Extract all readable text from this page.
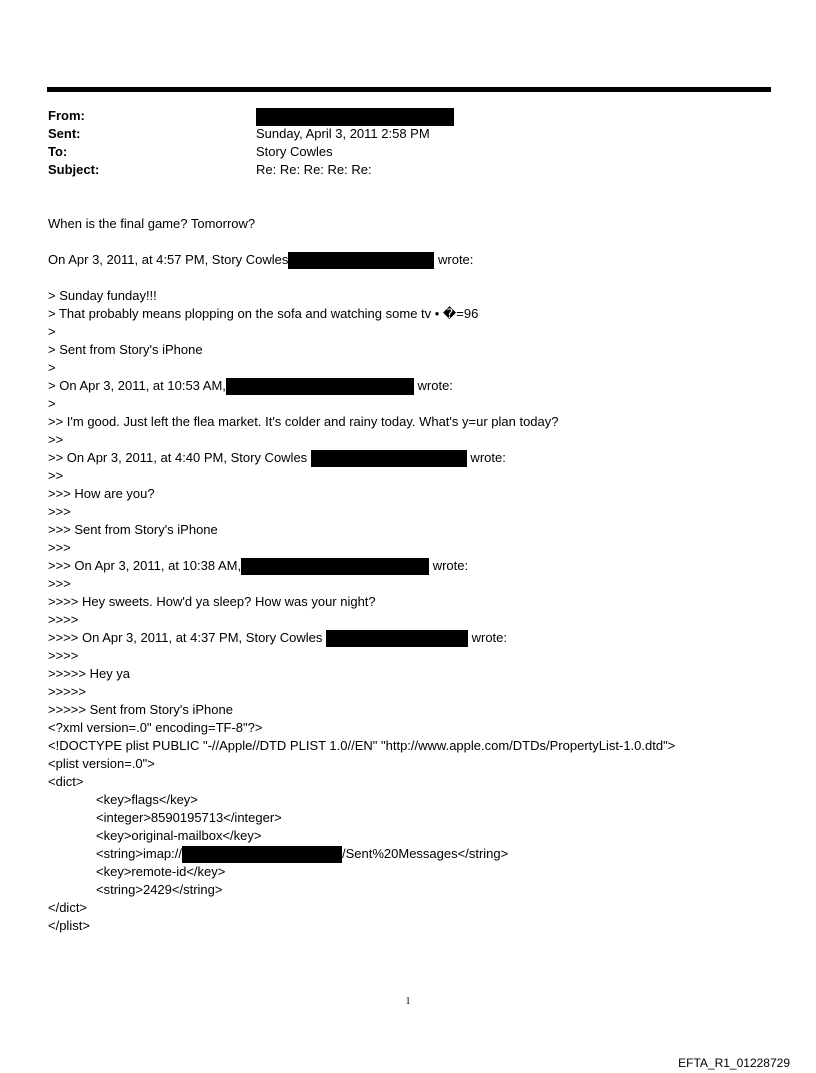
From:
Sent:	Sunday, April 3, 2011 2:58 PM
To:	Story Cowles
Subject:	Re: Re: Re: Re: Re:
When is the final game? Tomorrow?
On Apr 3, 2011, at 4:57 PM, Story Cowles	wrote:
> Sunday funday!!!
> That probably means plopping on the sofa and watching some tv • �=96
>
> Sent from Story's iPhone
>
> On Apr 3, 2011, at 10:53 AM,	wrote:
>
>> I'm good. Just left the flea market. It's colder and rainy today. What's y=ur plan today?
>>
>> On Apr 3, 2011, at 4:40 PM, Story Cowles	wrote:
>>
>>> How are you?
>>>
>>> Sent from Story's iPhone
>>>
>>> On Apr 3, 2011, at 10:38 AM,	wrote:
>>>
>>>> Hey sweets. How'd ya sleep? How was your night?
>>>>
>>>> On Apr 3, 2011, at 4:37 PM, Story Cowles	wrote:
>>>>
>>>>> Hey ya
>>>>>
>>>>> Sent from Story's iPhone
<?xml version=.0" encoding=TF-8"?>
<!DOCTYPE plist PUBLIC "-//Apple//DTD PLIST 1.0//EN" "http://www.apple.com/DTDs/PropertyList-1.0.dtd">
<plist version=.0">
<dict>
<key>flags</key>
<integer>8590195713</integer>
<key>original-mailbox</key>
<string>imap://	/Sent%20Messages</string>
<key>remote-id</key>
<string>2429</string>
</dict>
</plist>
1
EFTA_R1_01228729
